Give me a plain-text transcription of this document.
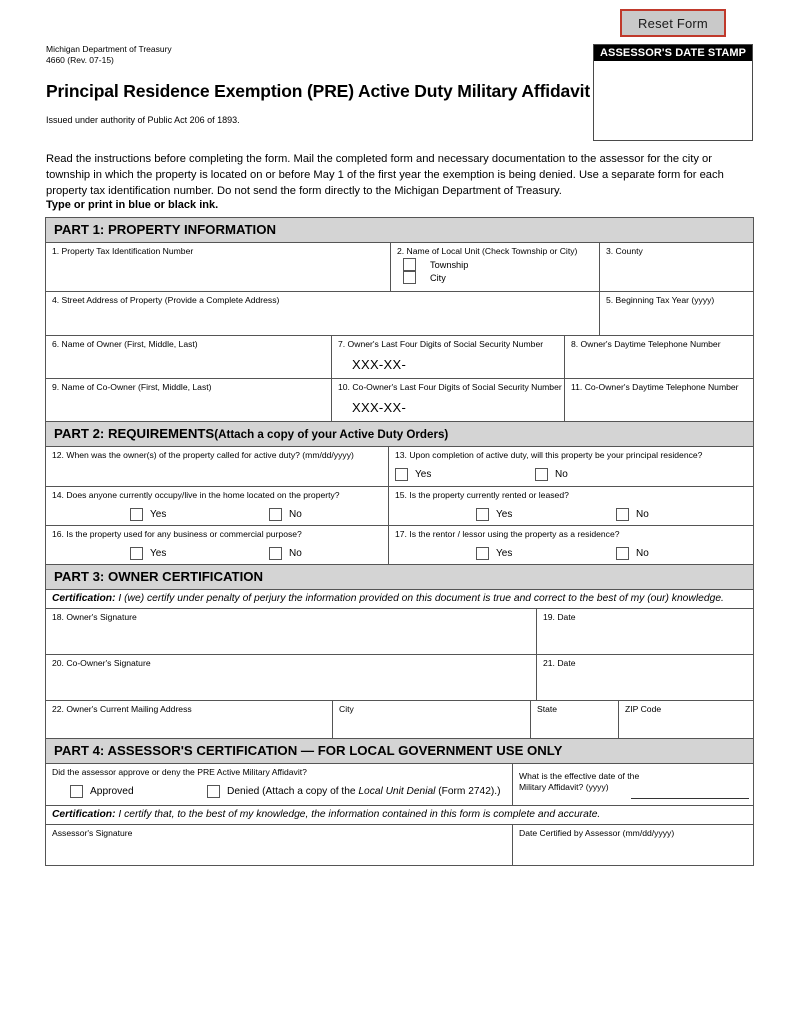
Reset Form
ASSESSOR'S DATE STAMP
Michigan Department of Treasury
4660 (Rev. 07-15)
Principal Residence Exemption (PRE) Active Duty Military Affidavit
Issued under authority of Public Act 206 of 1893.
Read the instructions before completing the form. Mail the completed form and necessary documentation to the assessor for the city or township in which the property is located on or before May 1 of the first year the exemption is being denied. Use a separate form for each property tax identification number. Do not send the form directly to the Michigan Department of Treasury.
Type or print in blue or black ink.
PART 1: PROPERTY INFORMATION
1. Property Tax Identification Number	2. Name of Local Unit (Check Township or City)
Township
City
3. County
4. Street Address of Property (Provide a Complete Address)	5. Beginning Tax Year (yyyy)
6. Name of Owner (First, Middle, Last)	7. Owner's Last Four Digits of Social Security Number
XXX-XX-
8. Owner's Daytime Telephone Number
9. Name of Co-Owner (First, Middle, Last)	10. Co-Owner's Last Four Digits of Social Security Number
XXX-XX-
11. Co-Owner's Daytime Telephone Number
PART 2: REQUIREMENTS(Attach a copy of your Active Duty Orders)
12. When was the owner(s) of the property called for active duty? (mm/dd/yyyy)	13. Upon completion of active duty, will this property be your principal residence?
Yes	No
14. Does anyone currently occupy/live in the home located on the property?
Yes	No
15. Is the property currently rented or leased?
Yes	No
16. Is the property used for any business or commercial purpose?
Yes	No
17. Is the rentor / lessor using the property as a residence?
Yes	No
PART 3: OWNER CERTIFICATION
Certification: I (we) certify under penalty of perjury the information provided on this document is true and correct to the best of my (our) knowledge.
18. Owner's Signature	19. Date
20. Co-Owner's Signature	21. Date
22. Owner's Current Mailing Address	City	State	ZIP Code
PART 4: ASSESSOR'S CERTIFICATION — FOR LOCAL GOVERNMENT USE ONLY
Did the assessor approve or deny the PRE Active Military Affidavit?
Approved	Denied (Attach a copy of the Local Unit Denial (Form 2742).)
What is the effective date of the
Military Affidavit? (yyyy)
Certification: I certify that, to the best of my knowledge, the information contained in this form is complete and accurate.
Assessor's Signature	Date Certified by Assessor (mm/dd/yyyy)
